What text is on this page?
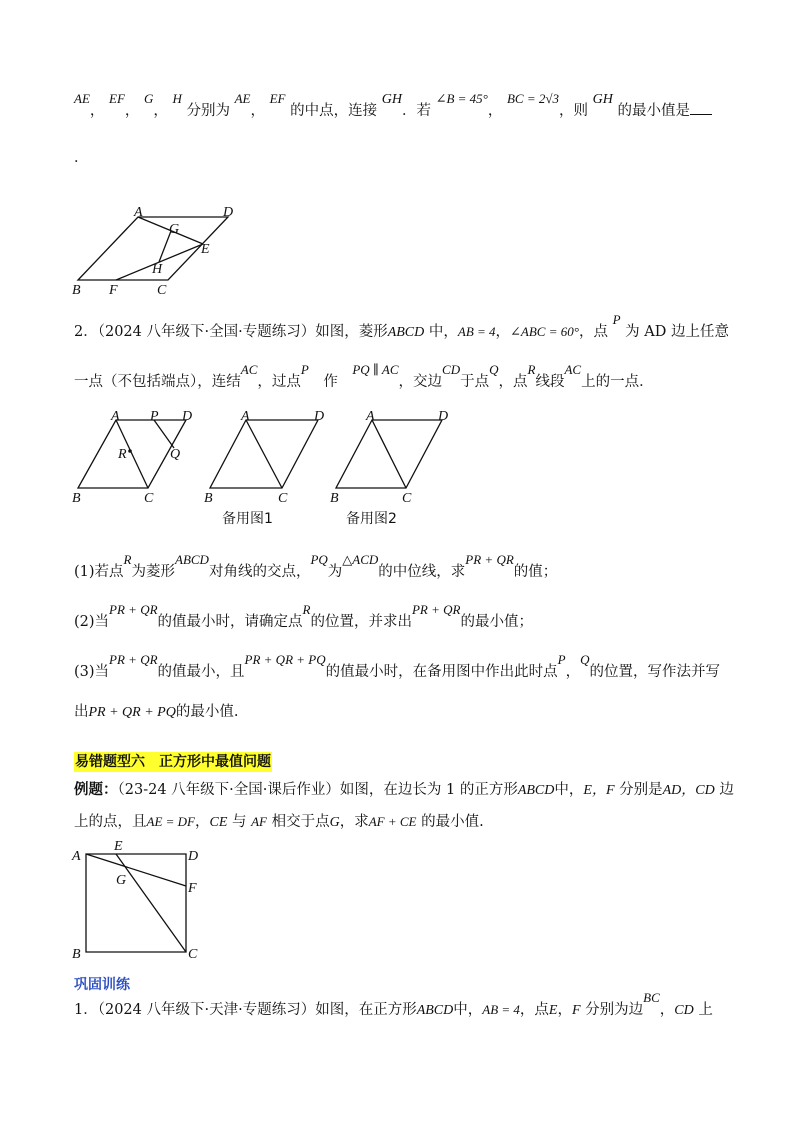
AE， EF， G， H 分别为 AE， EF 的中点，连接 GH．若 ∠B = 45°， BC = 2√3，则 GH 的最小值是
．
A	D
G
E
H
B F	C
2．（2024 八年级下·全国·专题练习）如图，菱形ABCD 中，AB = 4，∠ABC = 60°，点 P 为 AD 边上任意
一点（不包括端点），连结AC，过点P 作 PQ ∥ AC，交边CD于点Q，点R线段AC上的一点．
A P D
R	Q
B	C
A	D
B	C
A	D
B	C
备用图1	备用图2
(1)若点R为菱形ABCD对角线的交点，PQ为△ACD的中位线，求PR + QR的值；
(2)当PR + QR的值最小时，请确定点R的位置，并求出PR + QR的最小值；
(3)当PR + QR的值最小，且PR + QR + PQ的值最小时，在备用图中作出此时点P，Q的位置，写作法并写
出PR + QR + PQ的最小值.
易错题型六　正方形中最值问题
例题：（23-24 八年级下·全国·课后作业）如图，在边长为 1 的正方形ABCD中，E，F 分别是AD，CD 边
上的点，且AE = DF，CE 与 AF 相交于点G，求AF + CE 的最小值.
A
E
D
G
F
B	C
巩固训练
1．（2024 八年级下·天津·专题练习）如图，在正方形ABCD中，AB = 4，点E，F 分别为边BC，CD 上
